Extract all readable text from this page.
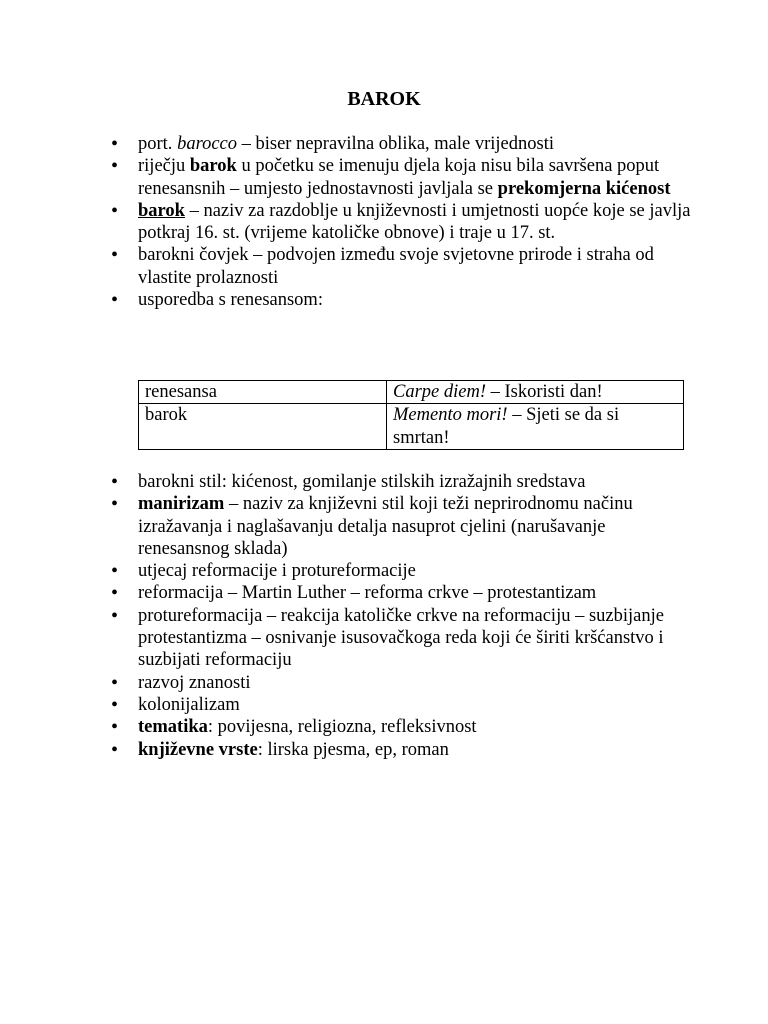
BAROK
• port. barocco – biser nepravilna oblika, male vrijednosti
• riječju barok u početku se imenuju djela koja nisu bila savršena poput renesansnih – umjesto jednostavnosti javljala se prekomjerna kićenost
• barok – naziv za razdoblje u književnosti i umjetnosti uopće koje se javlja potkraj 16. st. (vrijeme katoličke obnove) i traje u 17. st.
• barokni čovjek – podvojen između svoje svjetovne prirode i straha od vlastite prolaznosti
• usporedba s renesansom:
renesansa	Carpe diem! – Iskoristi dan!
barok	Memento mori! – Sjeti se da si smrtan!
• barokni stil: kićenost, gomilanje stilskih izražajnih sredstava
• manirizam – naziv za književni stil koji teži neprirodnomu načinu izražavanja i naglašavanju detalja nasuprot cjelini (narušavanje renesansnog sklada)
• utjecaj reformacije i protureformacije
• reformacija – Martin Luther – reforma crkve – protestantizam
• protureformacija – reakcija katoličke crkve na reformaciju – suzbijanje protestantizma – osnivanje isusovačkoga reda koji će širiti kršćanstvo i suzbijati reformaciju
• razvoj znanosti
• kolonijalizam
• tematika: povijesna, religiozna, refleksivnost
• književne vrste: lirska pjesma, ep, roman
